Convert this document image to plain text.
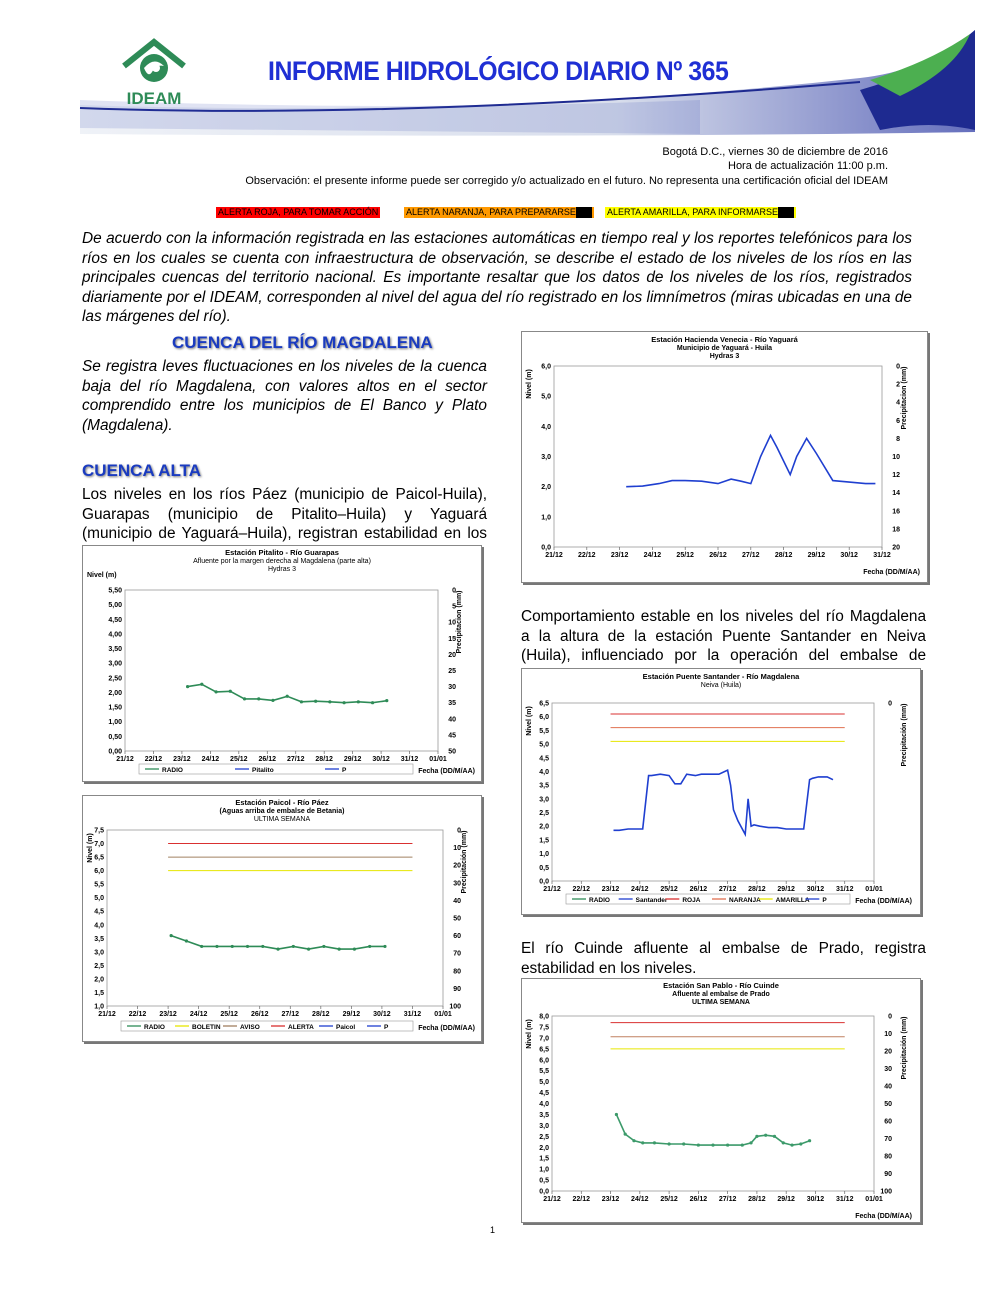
IDEAM
INFORME HIDROLÓGICO DIARIO Nº 365
Bogotá D.C., viernes 30 de diciembre de 2016
Hora de actualización 11:00 p.m.
Observación: el presente informe puede ser corregido y/o actualizado en el futuro. No representa una certificación oficial del IDEAM
ALERTA ROJA, PARA TOMAR ACCIÓN	ALERTA NARANJA, PARA PREPARARSE	ALERTA AMARILLA, PARA INFORMARSE
De acuerdo con la información registrada en las estaciones automáticas en tiempo real y los reportes telefónicos para los ríos en los cuales se cuenta con infraestructura de observación, se describe el estado de los niveles de los ríos en las principales cuencas del territorio nacional. Es importante resaltar que los datos de los niveles de los ríos, registrados diariamente por el IDEAM, corresponden al nivel del agua del río registrado en los limnímetros (miras ubicadas en una de las márgenes del río).
CUENCA DEL RÍO MAGDALENA
Se registra leves fluctuaciones en los niveles de la cuenca baja del río Magdalena, con valores altos en el sector comprendido entre los municipios de El Banco y Plato (Magdalena).
CUENCA ALTA
Los niveles en los ríos Páez (municipio de Paicol-Huila), Guarapas (municipio de Pitalito–Huila) y Yaguará (municipio de Yaguará–Huila), registran estabilidad en los
Estación Pitalito - Río Guarapas
Afluente por la margen derecha al Magdalena (parte alta)
Hydras 3
0,00
0,50
1,00
1,50
2,00
2,50
3,00
3,50
4,00
4,50
5,00
5,50	0
5
10
15
20
25
30
35
40
45
50
21/12 22/12 23/12 24/12 25/12 26/12 27/12 28/12 29/12 30/12 31/12 01/01
Nivel (m)
Precipitacion (mm)
Fecha (DD/M/AA)
RADIO	Pitalito	P
Estación Paicol - Río Páez
(Aguas arriba de embalse de Betania)
ULTIMA SEMANA
1,0
1,5
2,0
2,5
3,0
3,5
4,0
4,5
5,0
5,5
6,0
6,5
7,0
7,5	0
10
20
30
40
50
60
70
80
90
100
21/12 22/12 23/12 24/12 25/12 26/12 27/12 28/12 29/12 30/12 31/12 01/01
Nivel (m)	Precipitación (mm)
Fecha (DD/M/AA)
RADIO	BOLETIN	AVISO	ALERTA	Paicol	P
Estación Hacienda Venecia - Río Yaguará
Municipio de Yaguará - Huila
Hydras 3
0,0
1,0
2,0
3,0
4,0
5,0
6,0	0
2
4
6
8
10
12
14
16
18
20
21/12 22/12 23/12 24/12 25/12 26/12 27/12 28/12 29/12 30/12 31/12
Nivel (m)	Precipitacion (mm)
Fecha (DD/M/AA)
Comportamiento estable en los niveles del río Magdalena a la altura de la estación Puente Santander en Neiva (Huila), influenciado por la operación del embalse de
Estación Puente Santander - Río Magdalena
Neiva (Huila)
0,0
0,5
1,0
1,5
2,0
2,5
3,0
3,5
4,0
4,5
5,0
5,5
6,0
6,5	0
21/12 22/12 23/12 24/12 25/12 26/12 27/12 28/12 29/12 30/12 31/12 01/01
Nivel (m)	Precipitación (mm)
Fecha (DD/M/AA)
RADIO	Santander ROJA	NARANJA AMARILLA P
El río Cuinde afluente al embalse de Prado, registra estabilidad en los niveles.
Estación San Pablo - Río Cuinde
Afluente al embalse de Prado
ULTIMA SEMANA
0,0
0,5
1,0
1,5
2,0
2,5
3,0
3,5
4,0
4,5
5,0
5,5
6,0
6,5
7,0
7,5
8,0	0
10
20
30
40
50
60
70
80
90
100
21/12 22/12 23/12 24/12 25/12 26/12 27/12 28/12 29/12 30/12 31/12 01/01
Nivel (m)	Precipitación (mm)
Fecha (DD/M/AA)
1
